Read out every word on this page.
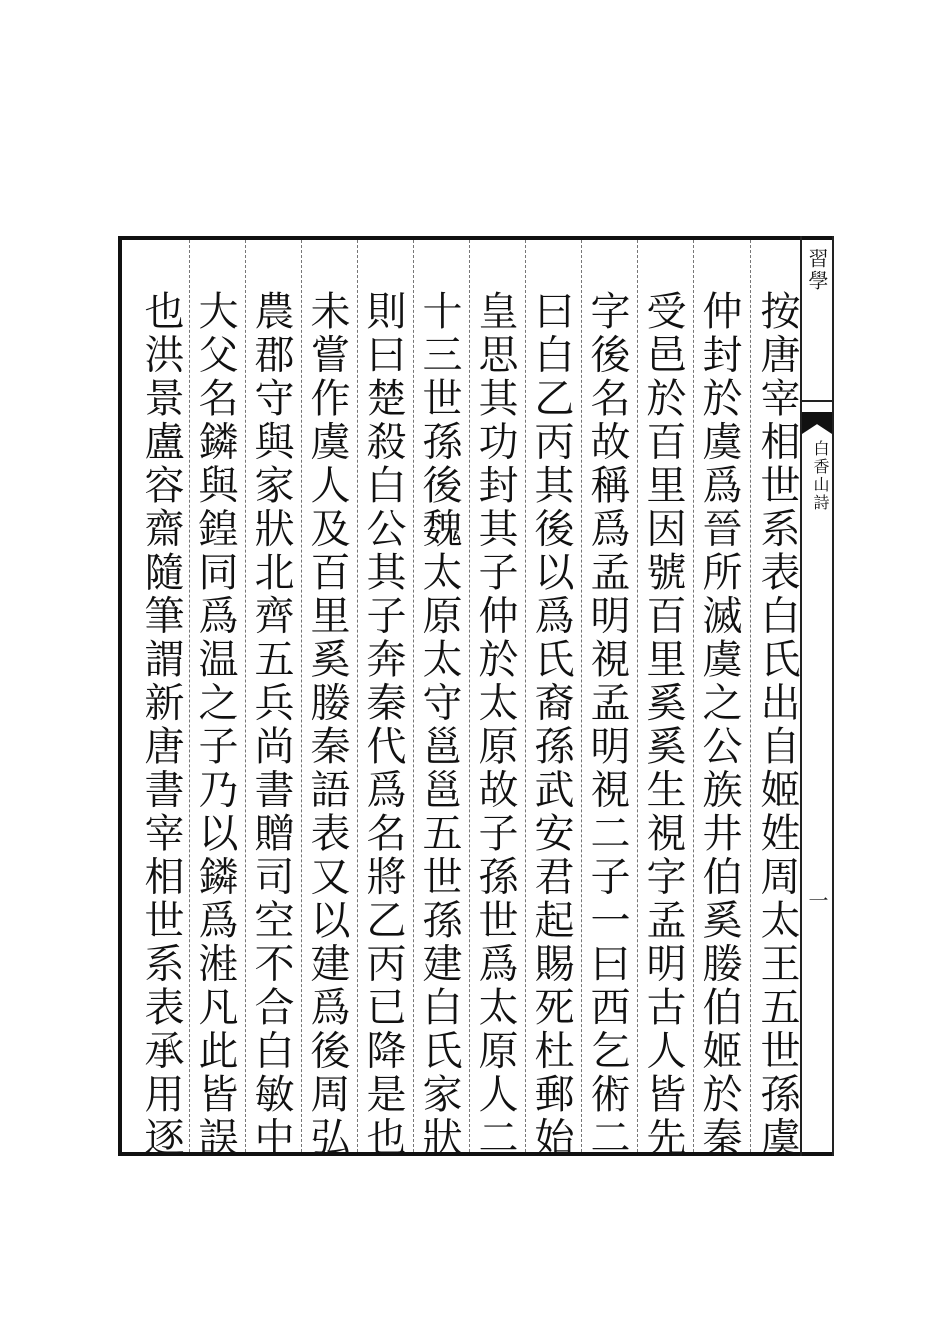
習學
白香山詩
一
按唐宰相世系表白氏出自姬姓周太王五世孫虞
仲封於虞爲晉所滅虞之公族井伯奚媵伯姬於秦
受邑於百里因號百里奚奚生視字孟明古人皆先
字後名故稱爲孟明視孟明視二子一曰西乞術二
曰白乙丙其後以爲氏裔孫武安君起賜死杜郵始
皇思其功封其子仲於太原故子孫世爲太原人二
十三世孫後魏太原太守邕邕五世孫建白氏家狀
則曰楚殺白公其子奔秦代爲名將乙丙已降是也
未嘗作虞人及百里奚媵秦語表又以建爲後周弘
農郡守與家狀北齊五兵尚書贈司空不合白敏中
大父名鏻與鍠同爲温之子乃以鏻爲溎凡此皆誤
也洪景盧容齋隨筆謂新唐書宰相世系表承用逐
